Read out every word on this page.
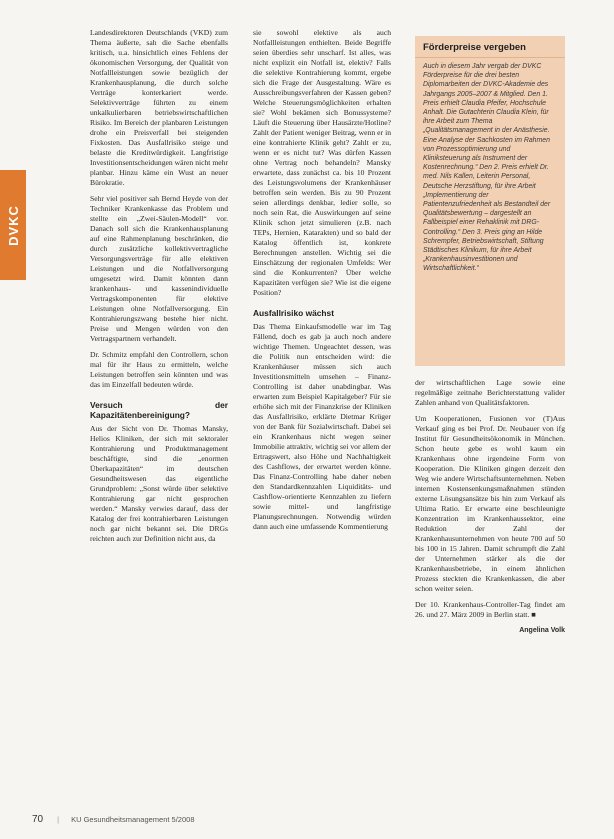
DVKC

Landesdirektoren Deutschlands (VKD) zum Thema äußerte, sah die Sache ebenfalls kritisch, u.a. hinsichtlich eines Fehlens der ökonomischen Versorgung, der Qualität von Notfallleistungen sowie bezüglich der Krankenhausplanung, die durch solche Verträge konterkariert werde. Selektivverträge führten zu einem unkalkulierbaren betriebswirtschaftlichen Risiko. Im Bereich der planbaren Leistungen drohe ein Preisverfall bei steigenden Fixkosten. Das Ausfallrisiko steige und belaste die Kreditwürdigkeit. Langfristige Investitionsentscheidungen wären nicht mehr planbar. Hinzu käme ein Wust an neuer Bürokratie.

Sehr viel positiver sah Bernd Heyde von der Techniker Krankenkasse das Problem und stellte ein „Zwei-Säulen-Modell“ vor. Danach soll sich die Krankenhausplanung auf eine Rahmenplanung beschränken, die durch zusätzliche kollektivvertragliche Versorgungsverträge für alle elektiven Leistungen und die Notfallversorgung umgesetzt wird. Damit könnten dann krankenhaus- und kassenindividuelle Vertragskomponenten für elektive Leistungen ohne Notfallversorgung. Ein Kontrahierungszwang bestehe hier nicht. Preise und Mengen würden von den Vertragspartnern verhandelt.

Dr. Schmitz empfahl den Controllern, schon mal für ihr Haus zu ermitteln, welche Leistungen betroffen sein könnten und was das im Einzelfall bedeuten würde.

Versuch der Kapazitätenbereinigung?

Aus der Sicht von Dr. Thomas Mansky, Helios Kliniken, der sich mit sektoraler Kontrahierung und Produktmanagement beschäftigte, sind die „enormen Überkapazitäten“ im deutschen Gesundheitswesen das eigentliche Grundproblem: „Sonst würde über selektive Kontrahierung gar nicht gesprochen werden.“ Mansky verwies darauf, dass der Katalog der frei kontrahierbaren Leistungen noch gar nicht bekannt sei. Die DRGs reichten auch zur Definition nicht aus, da

sie sowohl elektive als auch Notfallleistungen enthielten. Beide Begriffe seien überdies sehr unscharf. Ist alles, was nicht explizit ein Notfall ist, elektiv? Falls die selektive Kontrahierung kommt, ergebe sich die Frage der Ausgestaltung. Wäre es Ausschreibungsverfahren der Kassen geben? Welche Steuerungsmöglichkeiten erhalten sie? Wohl bekämen sich Bonussysteme? Läuft die Steuerung über Hausärzte/Hotline? Zahlt der Patient weniger Beitrag, wenn er in eine kontrahierte Klinik geht? Zahlt er zu, wenn er es nicht tut? Was dürfen Kassen ohne Vertrag noch behandeln? Mansky erwartete, dass zunächst ca. bis 10 Prozent des Leistungsvolumens der Krankenhäuser betroffen sein werden. Bis zu 90 Prozent seien allerdings denkbar, ledier solle, so noch sein Rat, die Auswirkungen auf seine Klinik schon jetzt simulieren (z.B. nach TEPs, Hernien, Katarakten) und so bald der Katalog öffentlich ist, konkrete Berechnungen anstellen. Wichtig sei die Einschätzung der regionalen Umfelds: Wer sind die Konkurrenten? Über welche Kapazitäten verfügen sie? Wie ist die eigene Position?

Ausfallrisiko wächst

Das Thema Einkaufsmodelle war im Tag Fällend, doch es gab ja auch noch andere wichtige Themen. Ungeachtet dessen, was die Politik nun entscheiden wird: die Krankenhäuser müssen sich auch Investitionsmitteln umsehen – Finanz-Controlling ist daher unabdingbar. Was erwarten zum Beispiel Kapitalgeber? Für sie erhöhe sich mit der Finanzkrise der Kliniken das Ausfallrisiko, erklärte Dietmar Krüger von der Bank für Sozialwirtschaft. Dabei sei ein Krankenhaus nicht wegen seiner Immobilie attraktiv, wichtig sei vor allem der Ertragswert, also Höhe und Nachhaltigkeit des Cashflows, der erwartet werden könne. Das Finanz-Controlling habe daher neben den Standardkennzahlen Liquiditäts- und Cashflow-orientierte Kennzahlen zu liefern sowie mittel- und langfristige Planungsrechnungen. Notwendig würden dann auch eine umfassende Kommentierung

Förderpreise vergeben
Auch in diesem Jahr vergab der DVKC Förderpreise für die drei besten Diplomarbeiten der DVKC-Akademie des Jahrgangs 2005–2007 & Mitglied. Den 1. Preis erhielt Claudia Pfeifer, Hochschule Anhalt. Die Gutachterin Claudia Klein, für ihre Arbeit zum Thema „Qualitätsmanagement in der Anästhesie. Eine Analyse der Sachkosten im Rahmen von Prozessoptimierung und Kliniksteuerung als Instrument der Kostenrechnung.“ Den 2. Preis erhielt Dr. med. Nils Kallen, Leiterin Personal, Deutsche Herzstiftung, für ihre Arbeit „Implementierung der Patientenzufriedenheit als Bestandteil der Qualitätsbewertung – dargestellt an Fallbeispiel einer Rehaklinik mit DRG-Controlling.“ Den 3. Preis ging an Hilde Schrempfer, Betriebswirtschaft, Stiftung Städtisches Klinikum, für ihre Arbeit „Krankenhausinvestitionen und Wirtschaftlichkeit.“

der wirtschaftlichen Lage sowie eine regelmäßige zeitnahe Berichterstattung valider Zahlen anhand von Qualitätsfaktoren.

Um Kooperationen, Fusionen vor (T)Aus Verkauf ging es bei Prof. Dr. Neubauer von ifg Institut für Gesundheitsökonomik in München. Schon heute gebe es wohl kaum ein Krankenhaus ohne irgendeine Form von Kooperation. Die Kliniken gingen derzeit den Weg wie andere Wirtschaftsunternehmen. Neben internen Kostensenkungsmaßnahmen stünden externe Lösungsansätze bis hin zum Verkauf als Ultima Ratio. Er erwarte eine beschleunigte Konzentration im Krankenhaussektor, eine Reduktion der Zahl der Krankenhausunternehmen von heute 700 auf 50 bis 100 in 15 Jahren. Damit schrumpft die Zahl der Unternehmen stärker als die der Krankenhausbetriebe, in einem ähnlichen Prozess steckten die Krankenkassen, die aber schon weiter seien.

Der 10. Krankenhaus-Controller-Tag findet am 26. und 27. März 2009 in Berlin statt. ■

Angelina Volk
70 | KU Gesundheitsmanagement 5/2008
